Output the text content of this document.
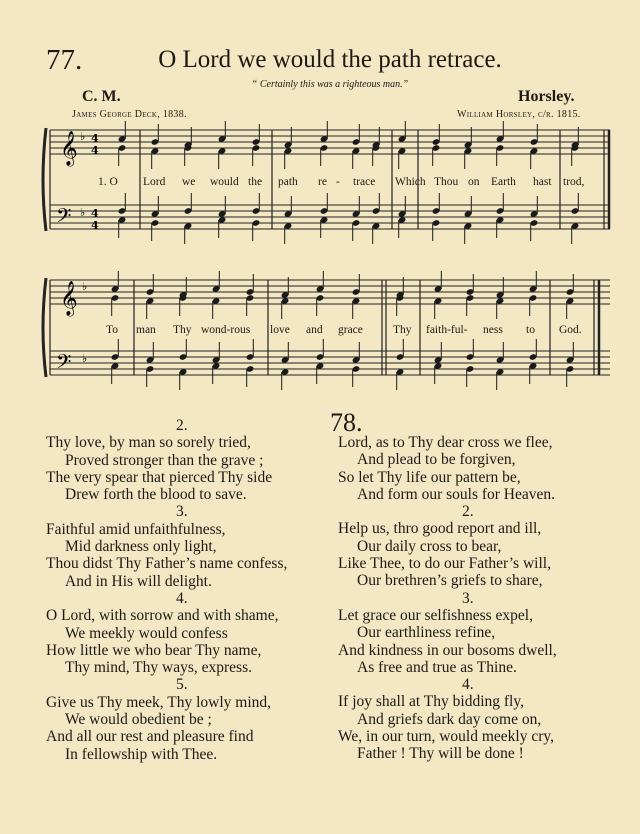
77.	O Lord we would the path retrace.
“ Certainly this was a righteous man.”
C. M.	Horsley.
James George Deck, 1838.	William Horsley, c/r. 1815.
𝄞
𝄢
♭
♭
4
4
4
4
1. O Lord we would the path re - trace Which Thou on Earth hast trod,
𝄞
𝄢
♭
♭
To man Thy wond-rous love and grace	Thy faith-ful- ness to God.
2.
Thy love, by man so sorely tried,
Proved stronger than the grave ;
The very spear that pierced Thy side
Drew forth the blood to save.
3.
Faithful amid unfaithfulness,
Mid darkness only light,
Thou didst Thy Father’s name confess,
And in His will delight.
4.
O Lord, with sorrow and with shame,
We meekly would confess
How little we who bear Thy name,
Thy mind, Thy ways, express.
5.
Give us Thy meek, Thy lowly mind,
We would obedient be ;
And all our rest and pleasure find
In fellowship with Thee.
78.
Lord, as to Thy dear cross we flee,
And plead to be forgiven,
So let Thy life our pattern be,
And form our souls for Heaven.
2.
Help us, thro good report and ill,
Our daily cross to bear,
Like Thee, to do our Father’s will,
Our brethren’s griefs to share,
3.
Let grace our selfishness expel,
Our earthliness refine,
And kindness in our bosoms dwell,
As free and true as Thine.
4.
If joy shall at Thy bidding fly,
And griefs dark day come on,
We, in our turn, would meekly cry,
Father ! Thy will be done !
